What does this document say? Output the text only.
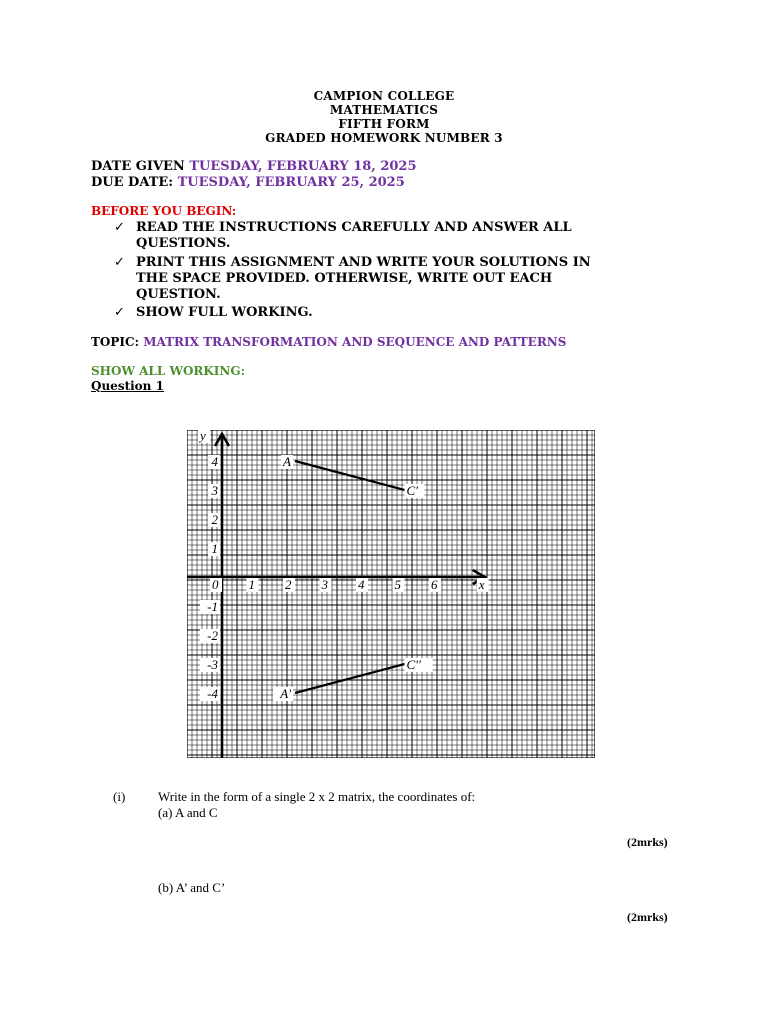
CAMPION COLLEGE
MATHEMATICS
FIFTH FORM
GRADED HOMEWORK NUMBER 3
DATE GIVEN TUESDAY, FEBRUARY 18, 2025
DUE DATE: TUESDAY, FEBRUARY 25, 2025
BEFORE YOU BEGIN:
✓ READ THE INSTRUCTIONS CAREFULLY AND ANSWER ALL
QUESTIONS.
✓ PRINT THIS ASSIGNMENT AND WRITE YOUR SOLUTIONS IN
THE SPACE PROVIDED. OTHERWISE, WRITE OUT EACH
QUESTION.
✓ SHOW FULL WORKING.
TOPIC: MATRIX TRANSFORMATION AND SEQUENCE AND PATTERNS
SHOW ALL WORKING:
Question 1
y
x
0 1 2 3 4 5 6
4
3
2
1
-1
-2
-3
-4
A
C'
A'
C''
(i)	Write in the form of a single 2 x 2 matrix, the coordinates of:
(a) A and C
(2mrks)
(b) A’ and C’
(2mrks)
